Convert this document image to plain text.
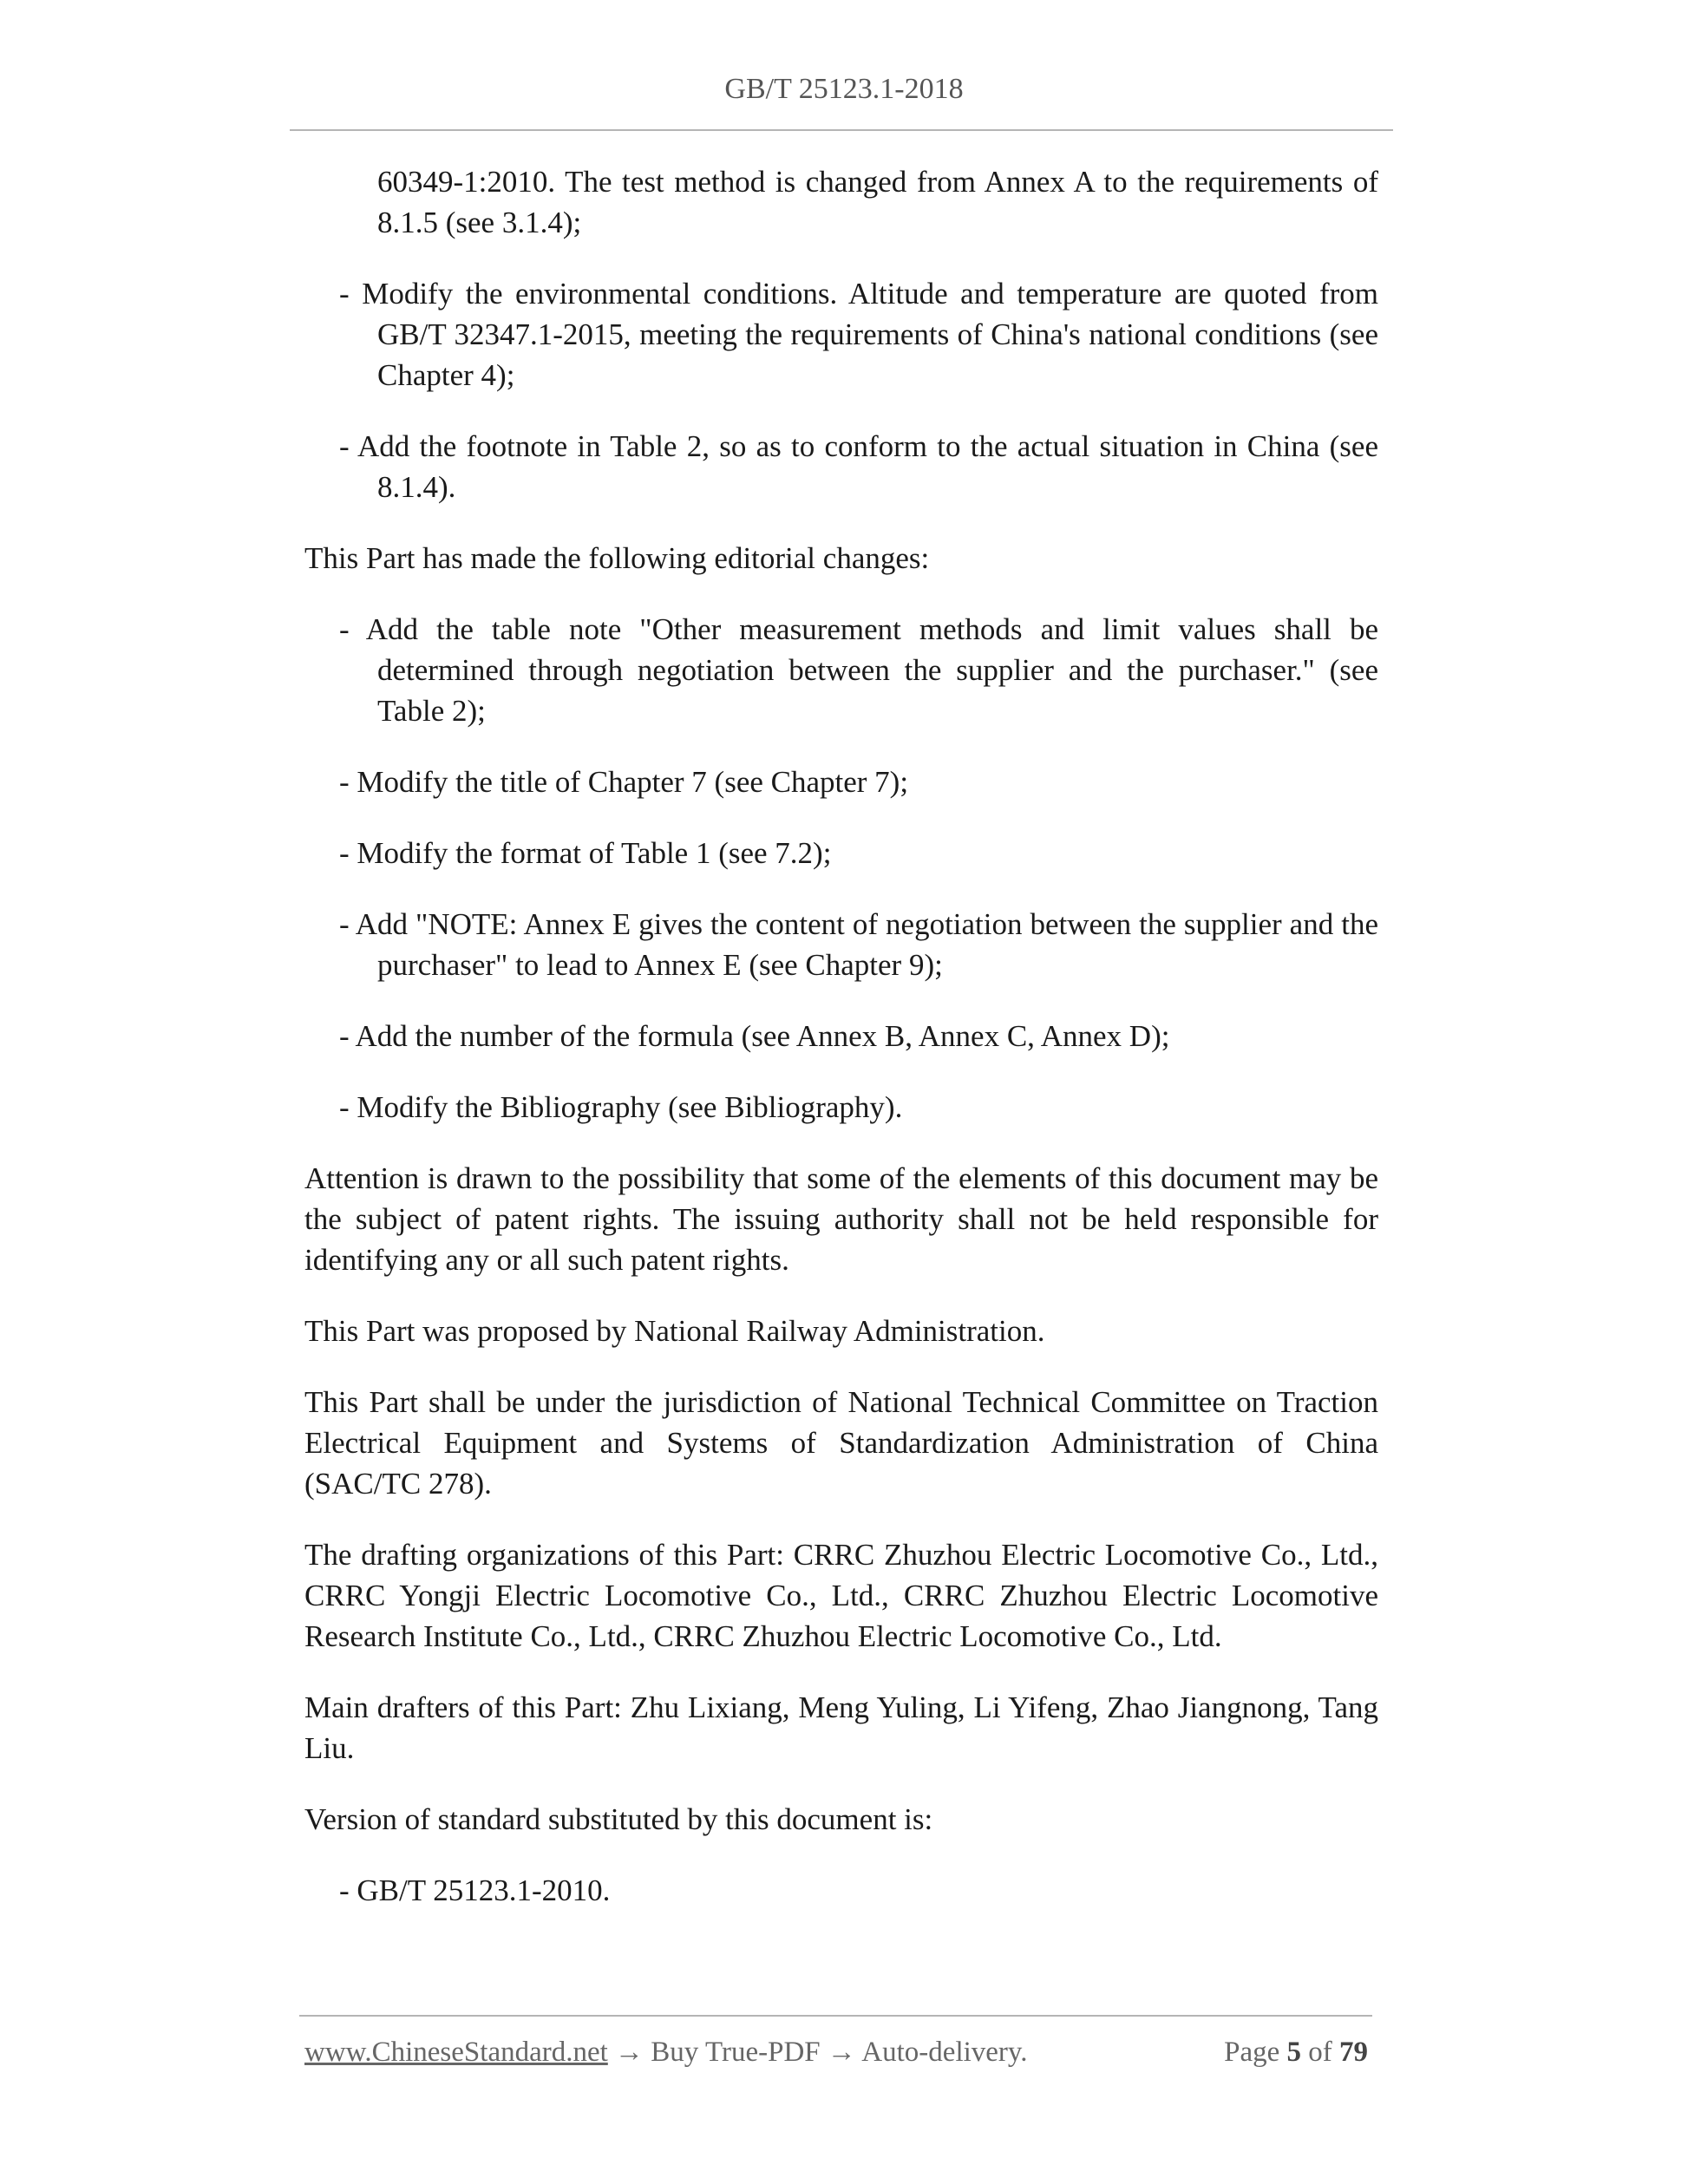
GB/T 25123.1-2018

60349-1:2010. The test method is changed from Annex A to the requirements of 8.1.5 (see 3.1.4);

- Modify the environmental conditions. Altitude and temperature are quoted from GB/T 32347.1-2015, meeting the requirements of China's national conditions (see Chapter 4);

- Add the footnote in Table 2, so as to conform to the actual situation in China (see 8.1.4).

This Part has made the following editorial changes:

- Add the table note "Other measurement methods and limit values shall be determined through negotiation between the supplier and the purchaser." (see Table 2);

- Modify the title of Chapter 7 (see Chapter 7);

- Modify the format of Table 1 (see 7.2);

- Add "NOTE: Annex E gives the content of negotiation between the supplier and the purchaser" to lead to Annex E (see Chapter 9);

- Add the number of the formula (see Annex B, Annex C, Annex D);

- Modify the Bibliography (see Bibliography).

Attention is drawn to the possibility that some of the elements of this document may be the subject of patent rights. The issuing authority shall not be held responsible for identifying any or all such patent rights.

This Part was proposed by National Railway Administration.

This Part shall be under the jurisdiction of National Technical Committee on Traction Electrical Equipment and Systems of Standardization Administration of China (SAC/TC 278).

The drafting organizations of this Part: CRRC Zhuzhou Electric Locomotive Co., Ltd., CRRC Yongji Electric Locomotive Co., Ltd., CRRC Zhuzhou Electric Locomotive Research Institute Co., Ltd., CRRC Zhuzhou Electric Locomotive Co., Ltd.

Main drafters of this Part: Zhu Lixiang, Meng Yuling, Li Yifeng, Zhao Jiangnong, Tang Liu.

Version of standard substituted by this document is:

- GB/T 25123.1-2010.

www.ChineseStandard.net → Buy True-PDF → Auto-delivery.	Page 5 of 79
